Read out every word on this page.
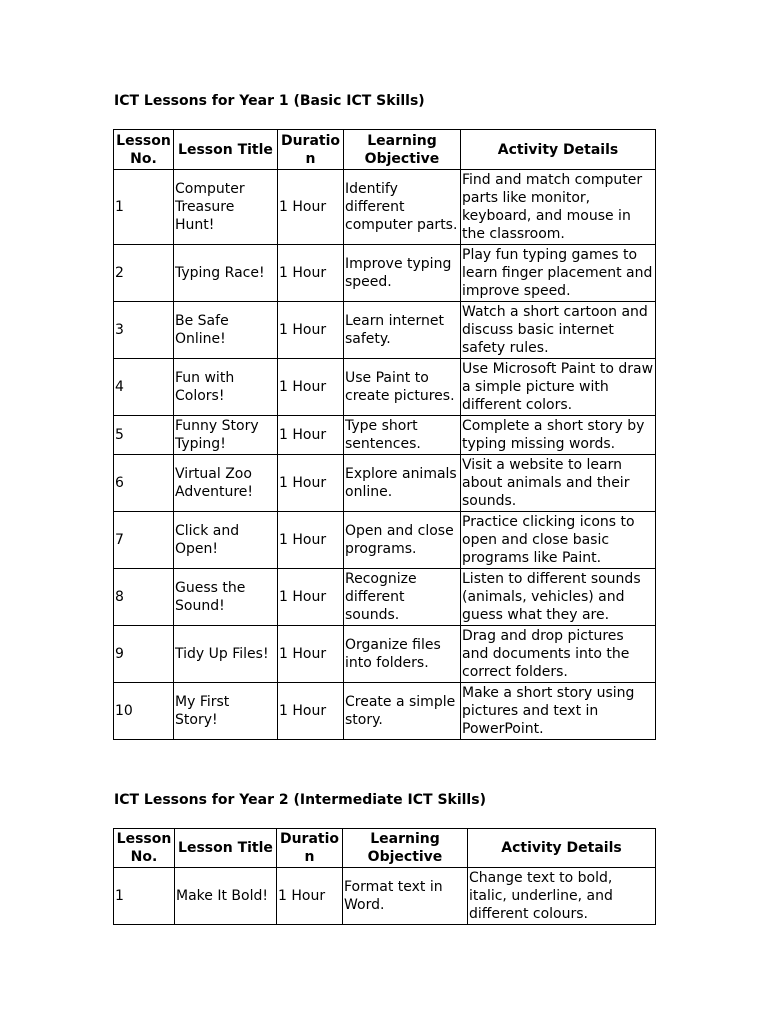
ICT Lessons for Year 1 (Basic ICT Skills)
Lesson No.	Lesson Title	Duration	Learning Objective	Activity Details
1	Computer Treasure Hunt!	1 Hour	Identify different computer parts.	Find and match computer parts like monitor, keyboard, and mouse in the classroom.
2	Typing Race!	1 Hour	Improve typing speed.	Play fun typing games to learn finger placement and improve speed.
3	Be Safe Online!	1 Hour	Learn internet safety.	Watch a short cartoon and discuss basic internet safety rules.
4	Fun with Colors!	1 Hour	Use Paint to create pictures.	Use Microsoft Paint to draw a simple picture with different colors.
5	Funny Story Typing!	1 Hour	Type short sentences.	Complete a short story by typing missing words.
6	Virtual Zoo Adventure!	1 Hour	Explore animals online.	Visit a website to learn about animals and their sounds.
7	Click and Open!	1 Hour	Open and close programs.	Practice clicking icons to open and close basic programs like Paint.
8	Guess the Sound!	1 Hour	Recognize different sounds.	Listen to different sounds (animals, vehicles) and guess what they are.
9	Tidy Up Files!	1 Hour	Organize files into folders.	Drag and drop pictures and documents into the correct folders.
10	My First Story!	1 Hour	Create a simple story.	Make a short story using pictures and text in PowerPoint.
ICT Lessons for Year 2 (Intermediate ICT Skills)
Lesson No.	Lesson Title	Duration	Learning Objective	Activity Details
1	Make It Bold!	1 Hour	Format text in Word.	Change text to bold, italic, underline, and different colours.
